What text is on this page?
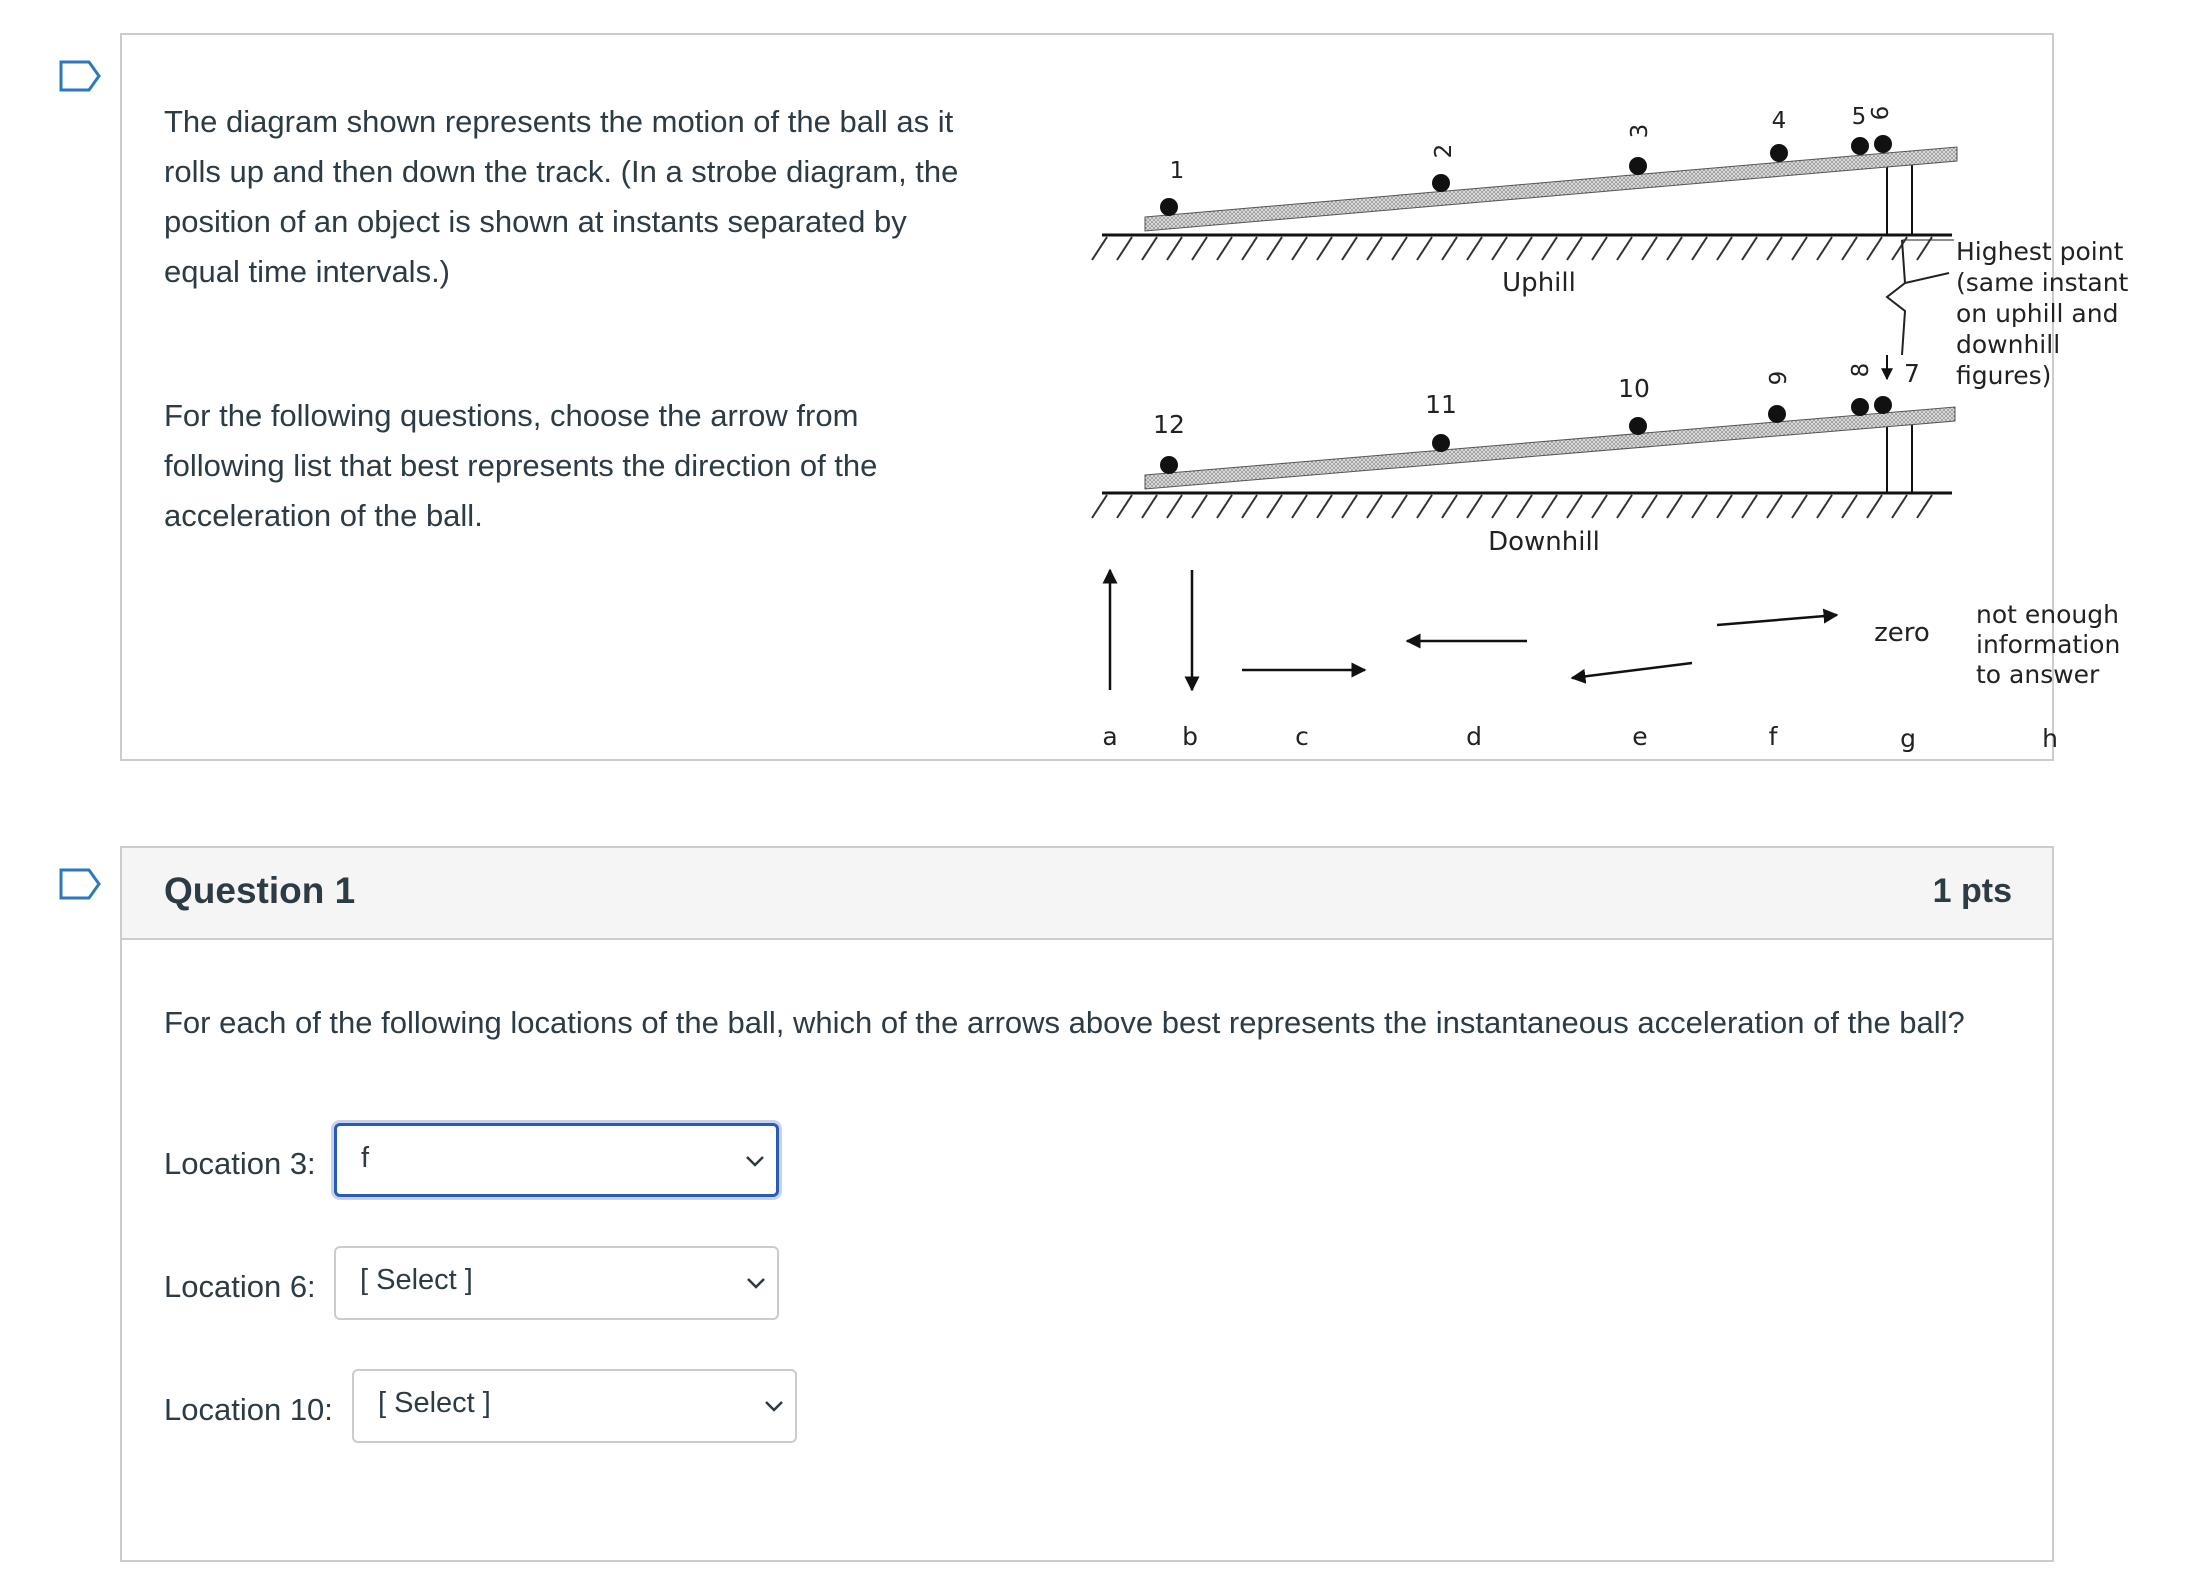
The diagram shown represents the motion of the ball as it rolls up and then down the track. (In a strobe diagram, the position of an object is shown at instants separated by equal time intervals.)

For the following questions, choose the arrow from following list that best represents the direction of the acceleration of the ball.

1
2
3	4	5 6
Uphill
Highest point (same instant on uphill and downhill figures)
12
11
10	9
8 7
Downhill
zero
not enough information to answer
a	b	c	d	e	f	g	h
Question 1	1 pts

For each of the following locations of the ball, which of the arrows above best represents the instantaneous acceleration of the ball?

Location 3: f
Location 6: [ Select ]
Location 10: [ Select ]
